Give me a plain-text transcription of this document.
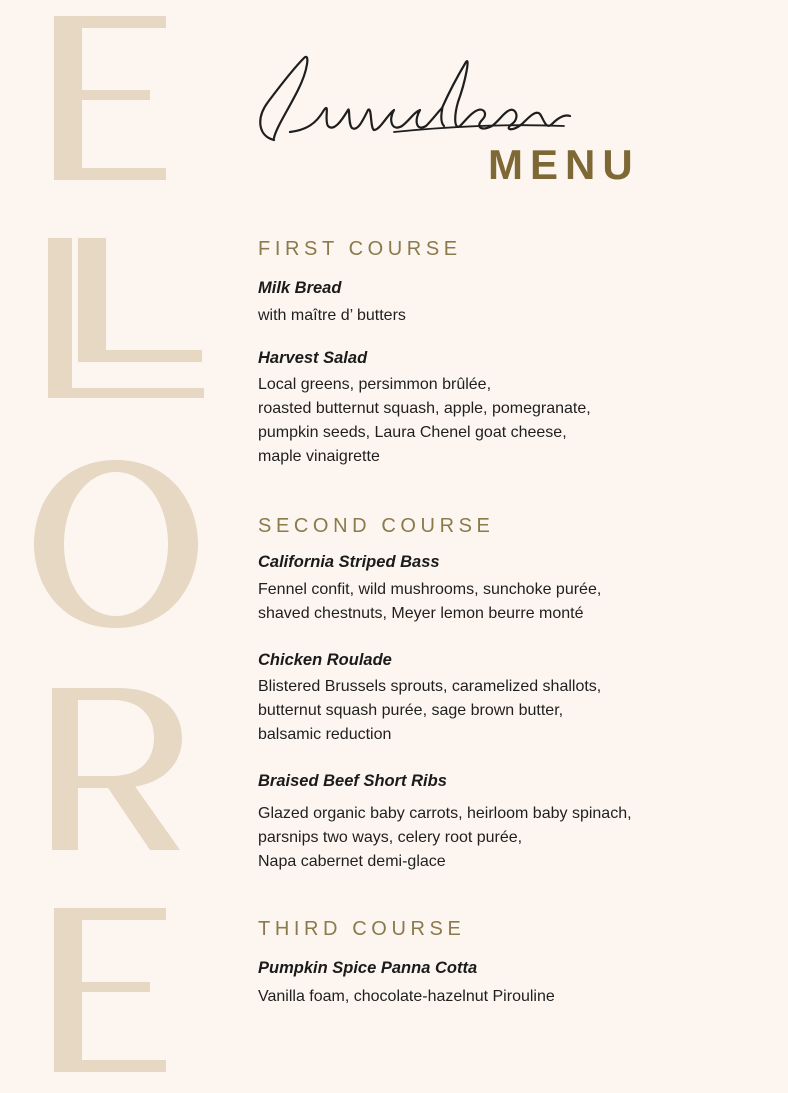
MENU
FIRST COURSE
Milk Bread
with maître d’ butters
Harvest Salad
Local greens, persimmon brûlée,
roasted butternut squash, apple, pomegranate,
pumpkin seeds, Laura Chenel goat cheese,
maple vinaigrette
SECOND COURSE
California Striped Bass
Fennel confit, wild mushrooms, sunchoke purée,
shaved chestnuts, Meyer lemon beurre monté
Chicken Roulade
Blistered Brussels sprouts, caramelized shallots,
butternut squash purée, sage brown butter,
balsamic reduction
Braised Beef Short Ribs
Glazed organic baby carrots, heirloom baby spinach,
parsnips two ways, celery root purée,
Napa cabernet demi-glace
THIRD COURSE
Pumpkin Spice Panna Cotta
Vanilla foam, chocolate-hazelnut Pirouline
